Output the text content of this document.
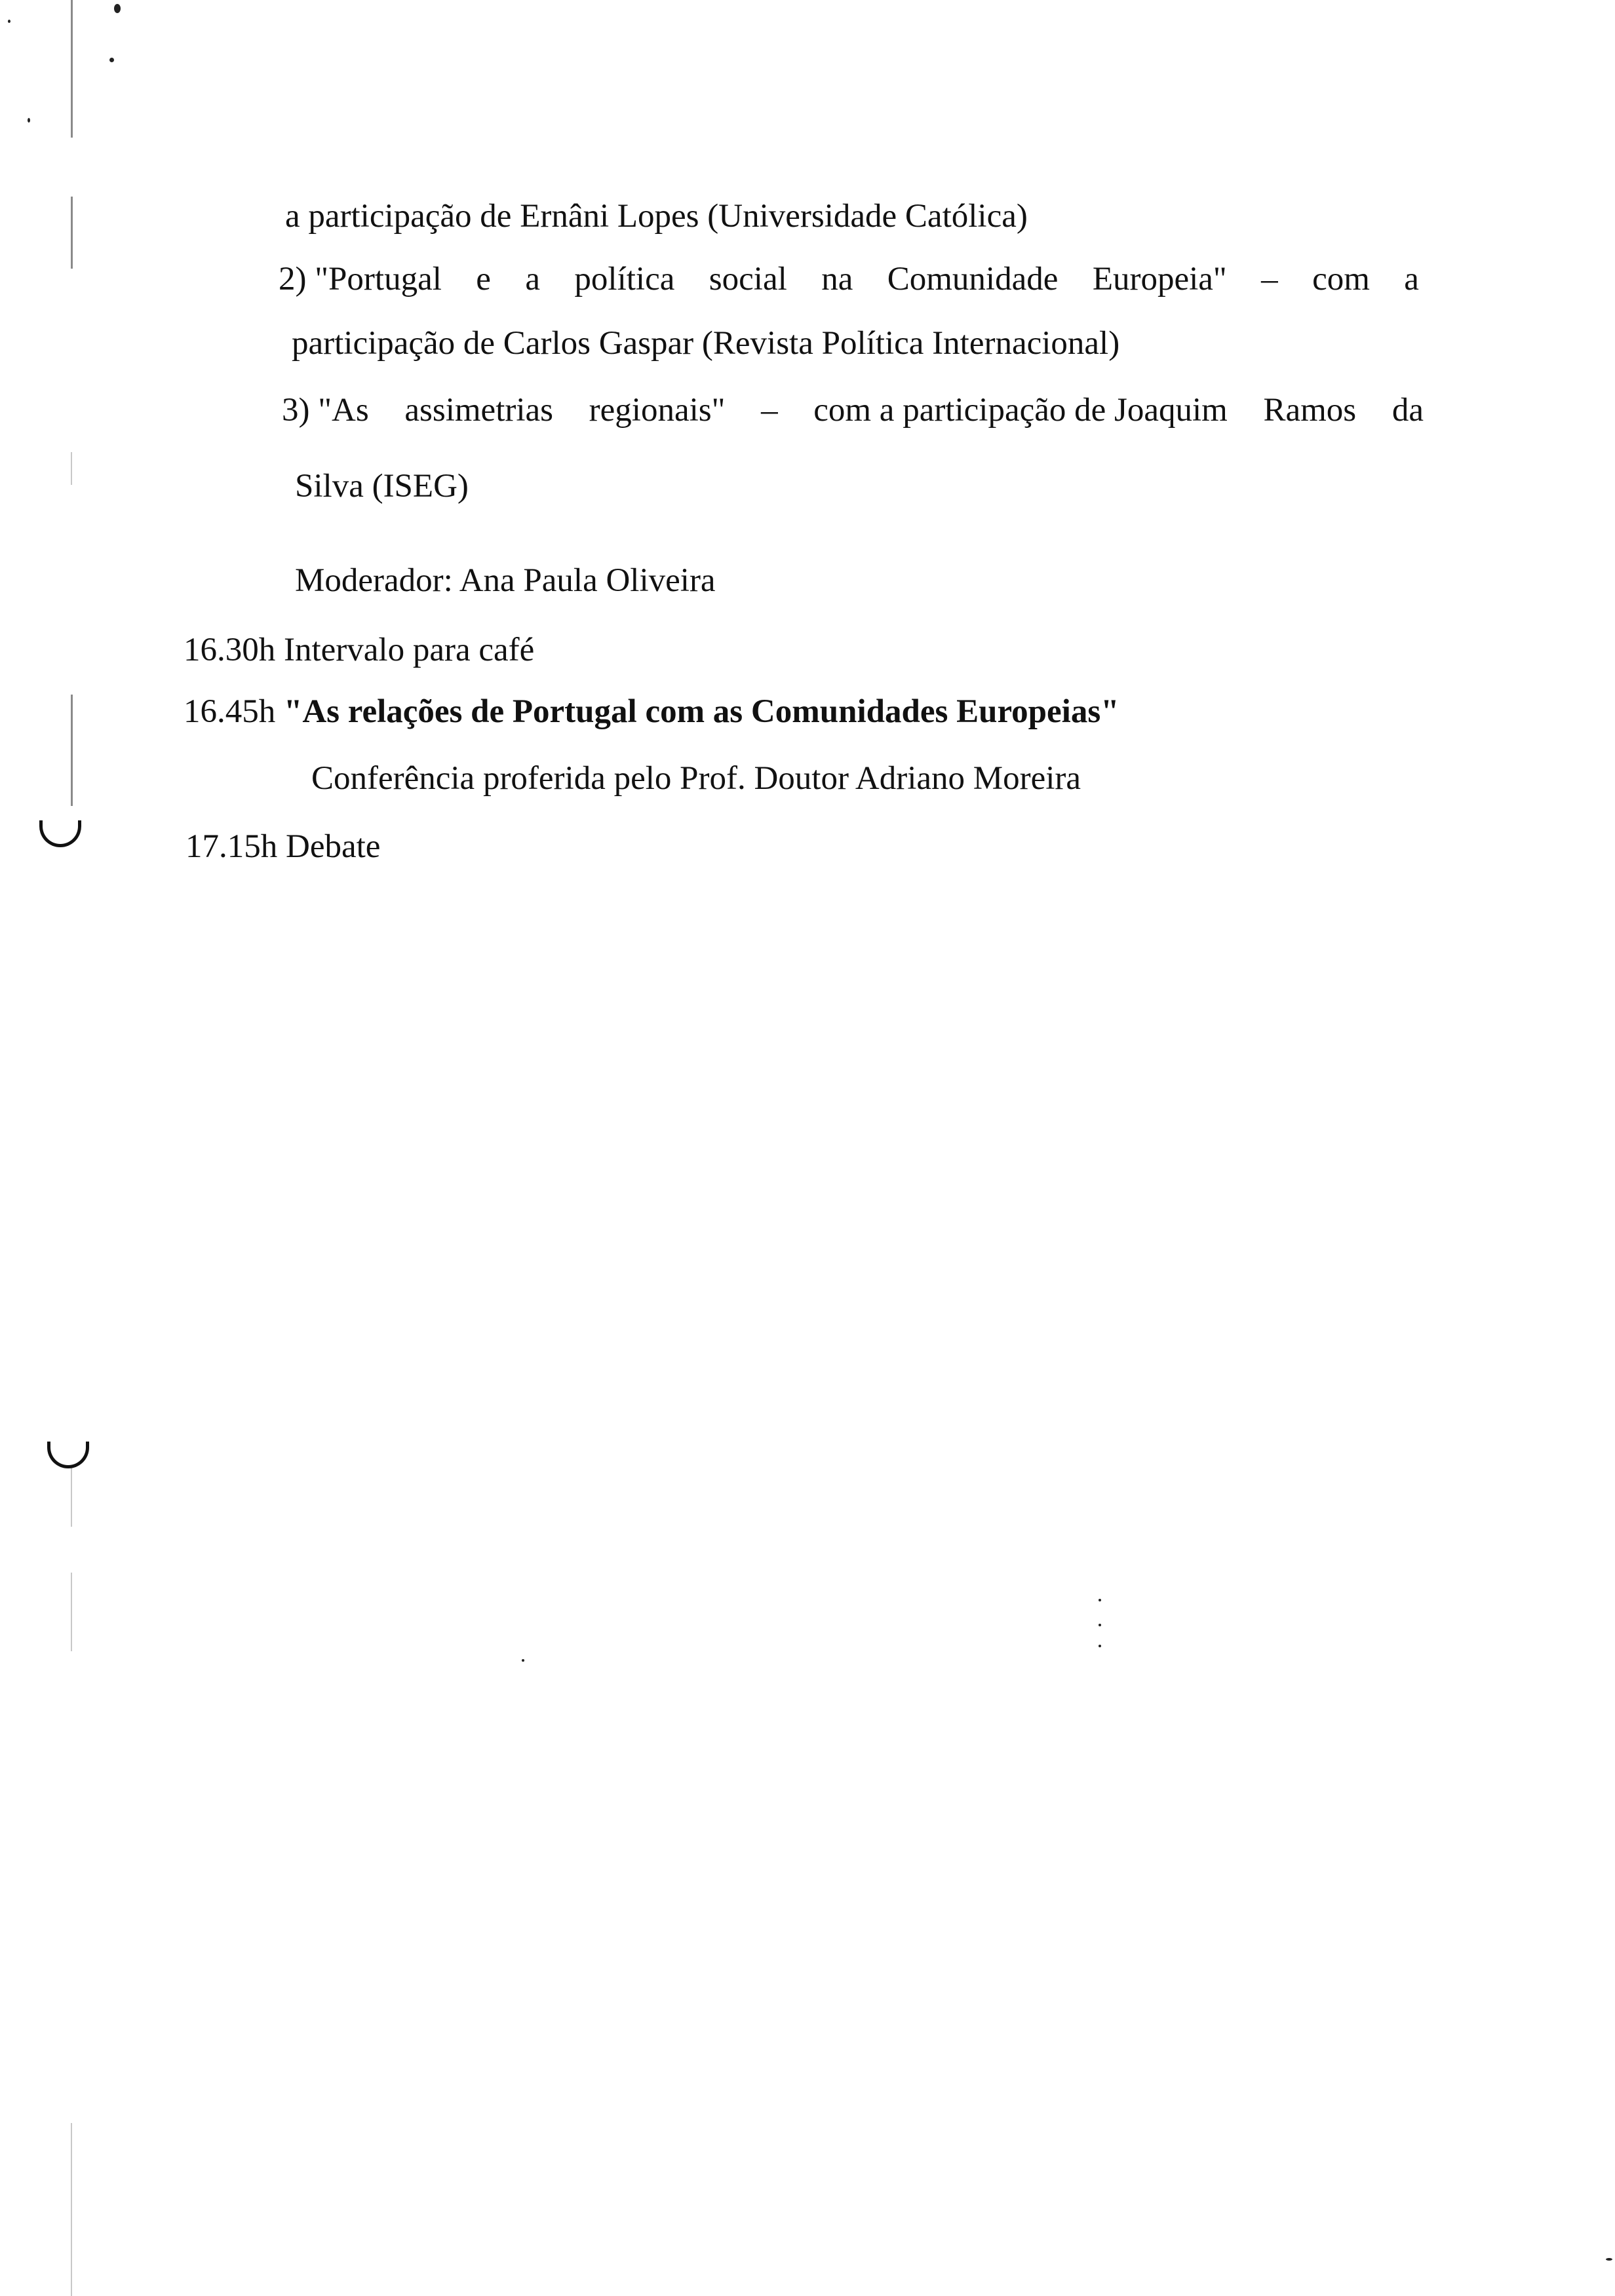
a participação de Ernâni Lopes (Universidade Católica)
2) "Portugal e a política social na Comunidade Europeia" – com a
participação de Carlos Gaspar (Revista Política Internacional)
3) "As assimetrias regionais" – com a participação de Joaquim Ramos da
Silva (ISEG)
Moderador: Ana Paula Oliveira
16.30h Intervalo para café
16.45h "As relações de Portugal com as Comunidades Europeias"
Conferência proferida pelo Prof. Doutor Adriano Moreira
17.15h Debate
